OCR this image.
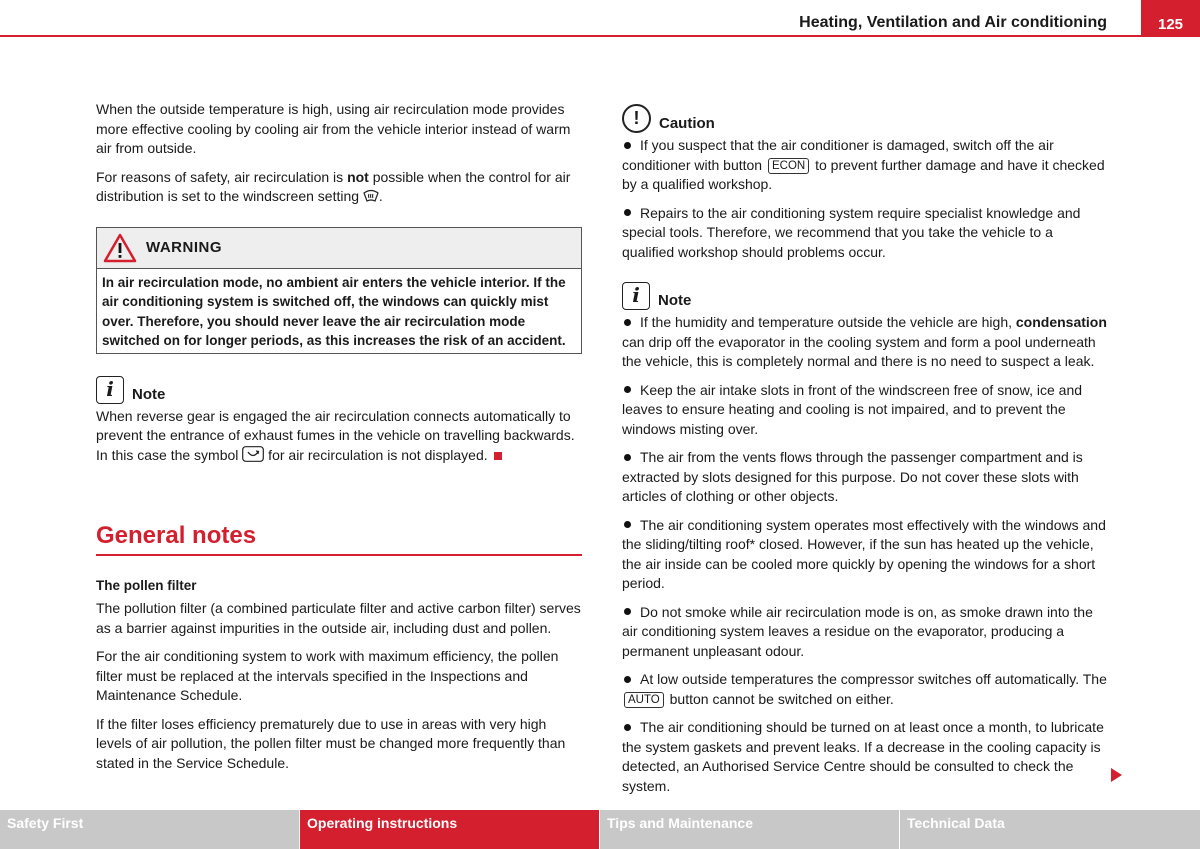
Heating, Ventilation and Air conditioning	125

When the outside temperature is high, using air recirculation mode provides more effective cooling by cooling air from the vehicle interior instead of warm air from outside.

For reasons of safety, air recirculation is not possible when the control for air distribution is set to the windscreen setting .

WARNING
In air recirculation mode, no ambient air enters the vehicle interior. If the air conditioning system is switched off, the windows can quickly mist over. Therefore, you should never leave the air recirculation mode switched on for longer periods, as this increases the risk of an accident.
i	Note

When reverse gear is engaged the air recirculation connects automatically to prevent the entrance of exhaust fumes in the vehicle on travelling backwards. In this case the symbol  for air recirculation is not displayed.

General notes
The pollen filter

The pollution filter (a combined particulate filter and active carbon filter) serves as a barrier against impurities in the outside air, including dust and pollen.

For the air conditioning system to work with maximum efficiency, the pollen filter must be replaced at the intervals specified in the Inspections and Maintenance Schedule.

If the filter loses efficiency prematurely due to use in areas with very high levels of air pollution, the pollen filter must be changed more frequently than stated in the Service Schedule.

!	Caution
If you suspect that the air conditioner is damaged, switch off the air conditioner with button ECON to prevent further damage and have it checked by a qualified workshop.
Repairs to the air conditioning system require specialist knowledge and special tools. Therefore, we recommend that you take the vehicle to a qualified workshop should problems occur.
i	Note
If the humidity and temperature outside the vehicle are high, condensation can drip off the evaporator in the cooling system and form a pool underneath the vehicle, this is completely normal and there is no need to suspect a leak.
Keep the air intake slots in front of the windscreen free of snow, ice and leaves to ensure heating and cooling is not impaired, and to prevent the windows misting over.
The air from the vents flows through the passenger compartment and is extracted by slots designed for this purpose. Do not cover these slots with articles of clothing or other objects.
The air conditioning system operates most effectively with the windows and the sliding/tilting roof* closed. However, if the sun has heated up the vehicle, the air inside can be cooled more quickly by opening the windows for a short period.
Do not smoke while air recirculation mode is on, as smoke drawn into the air conditioning system leaves a residue on the evaporator, producing a permanent unpleasant odour.
At low outside temperatures the compressor switches off automatically. The AUTO button cannot be switched on either.
The air conditioning should be turned on at least once a month, to lubricate the system gaskets and prevent leaks. If a decrease in the cooling capacity is detected, an Authorised Service Centre should be consulted to check the system.
Safety First	Operating instructions	Tips and Maintenance	Technical Data
